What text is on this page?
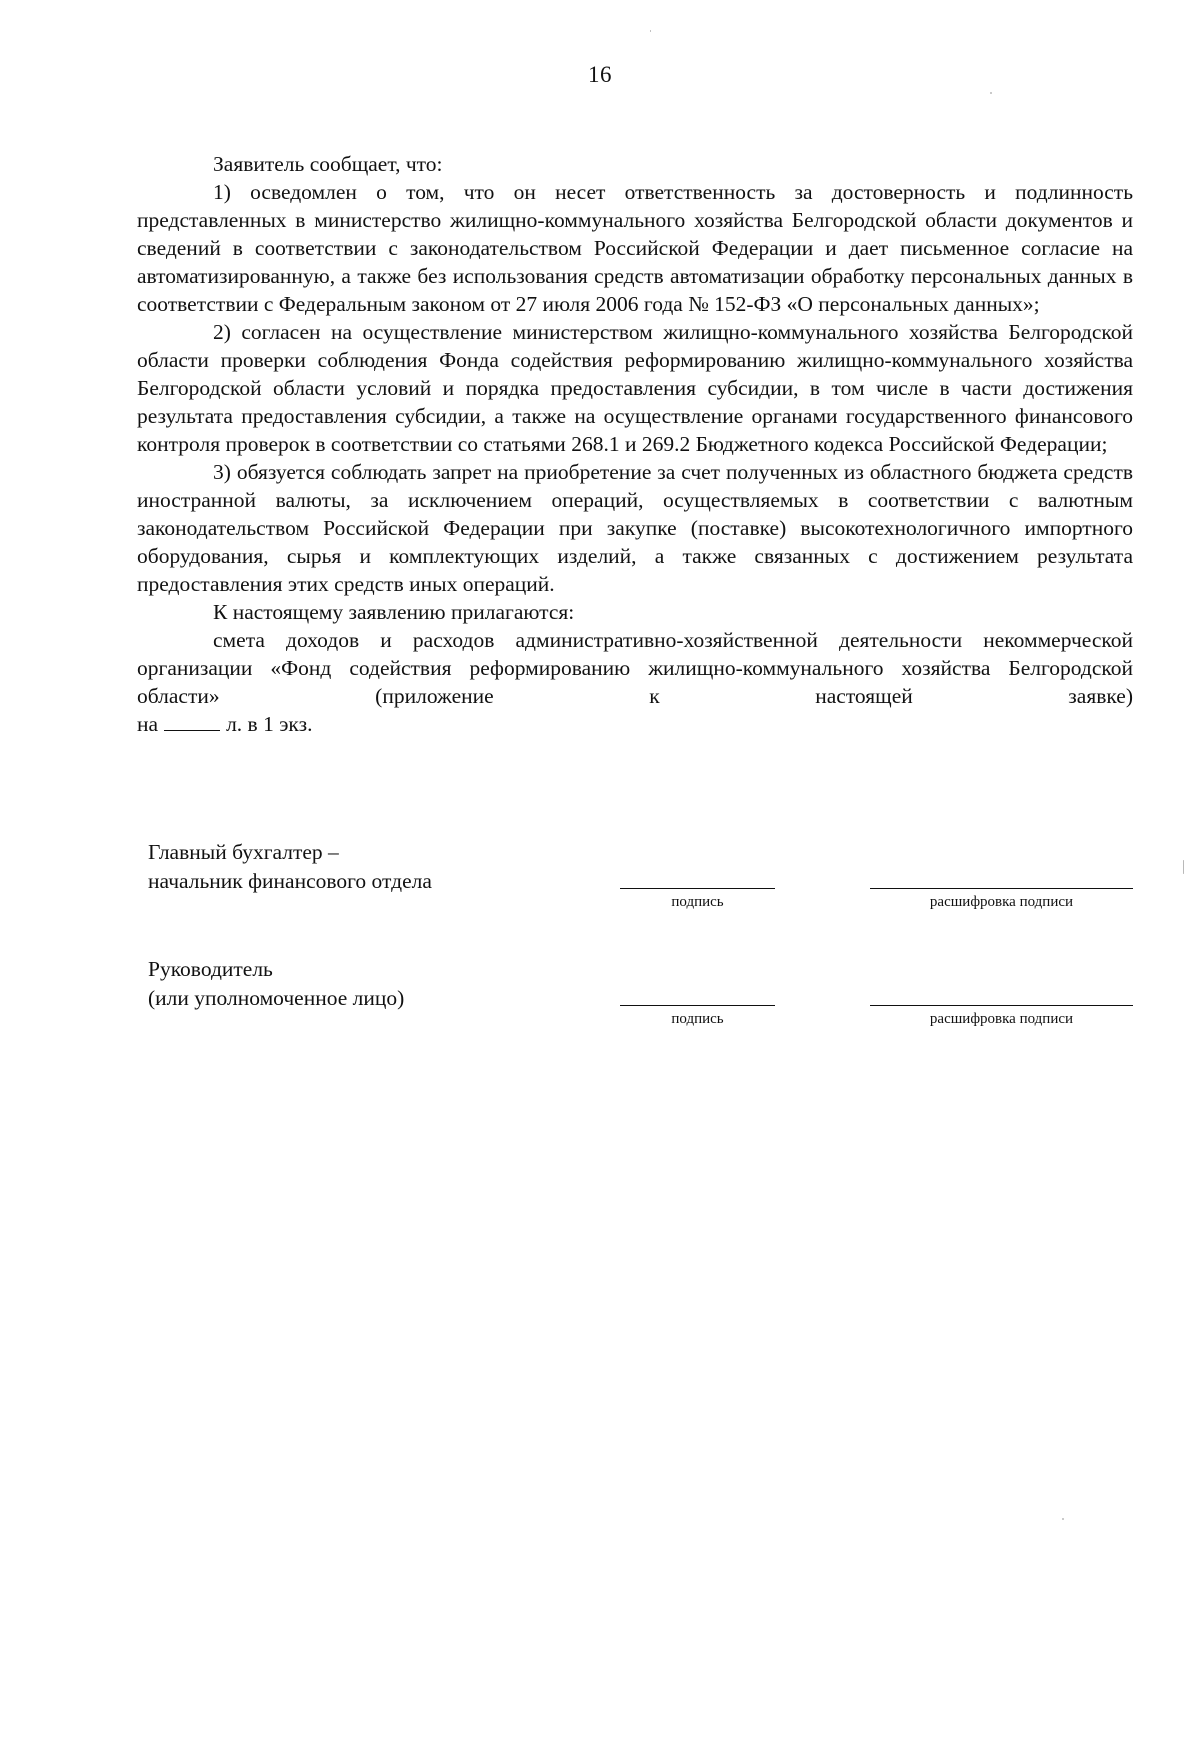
16

Заявитель сообщает, что:

1) осведомлен о том, что он несет ответственность за достоверность и подлинность представленных в министерство жилищно-коммунального хозяйства Белгородской области документов и сведений в соответствии с законодательством Российской Федерации и дает письменное согласие на автоматизированную, а также без использования средств автоматизации обработку персональных данных в соответствии с Федеральным законом от 27 июля 2006 года № 152-ФЗ «О персональных данных»;

2) согласен на осуществление министерством жилищно-коммунального хозяйства Белгородской области проверки соблюдения Фонда содействия реформированию жилищно-коммунального хозяйства Белгородской области условий и порядка предоставления субсидии, в том числе в части достижения результата предоставления субсидии, а также на осуществление органами государственного финансового контроля проверок в соответствии со статьями 268.1 и 269.2 Бюджетного кодекса Российской Федерации;

3) обязуется соблюдать запрет на приобретение за счет полученных из областного бюджета средств иностранной валюты, за исключением операций, осуществляемых в соответствии с валютным законодательством Российской Федерации при закупке (поставке) высокотехнологичного импортного оборудования, сырья и комплектующих изделий, а также связанных с достижением результата предоставления этих средств иных операций.

К настоящему заявлению прилагаются:

смета доходов и расходов административно-хозяйственной деятельности некоммерческой организации «Фонд содействия реформированию жилищно-коммунального хозяйства Белгородской области» (приложение к настоящей заявке)

на	л. в 1 экз.

Главный бухгалтер –
начальник финансового отдела
подпись	расшифровка подписи
Руководитель
(или уполномоченное лицо)
подпись	расшифровка подписи
